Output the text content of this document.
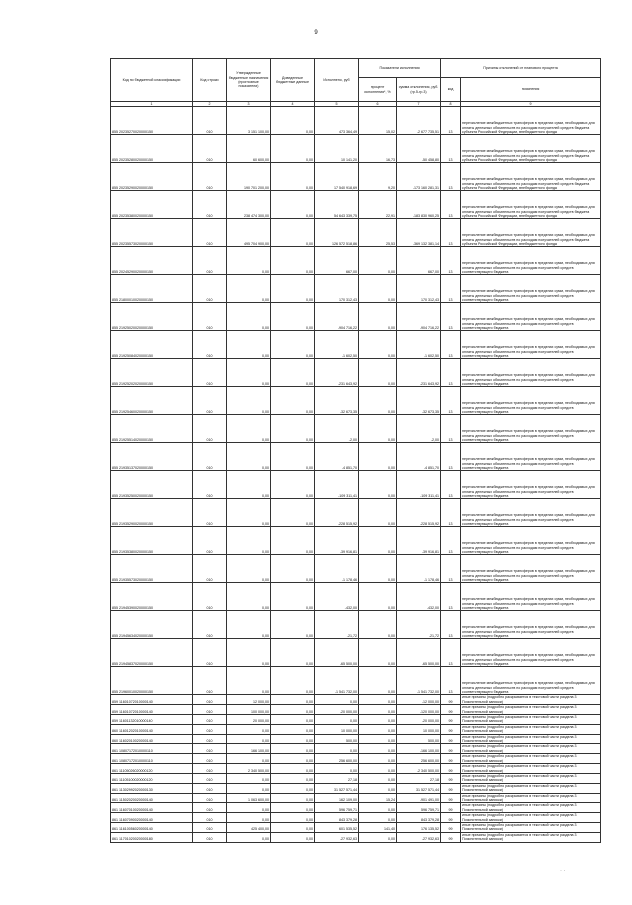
9
Код по бюджетной классификации	Код строки	Утвержденные бюджетные назначения (прогнозные показатели)	Доведенные бюджетные данные	Исполнено, руб	Показатели исполнения		Причины отклонений от планового процента	
					процент исполнения*, %	сумма отклонения, руб. (гр.5-гр.3)	код	пояснения
1	2	3	4	5	6	7	8	9
855 20235270020000150	010	3 151 100,00	0,00	473 364,49	15,02	-2 677 735,51	13	перечисление межбюджетных трансферов в пределах сумм, необходимых для оплаты денежных обязательств по расходам получателей средств бюджета субъекта Российской Федерации, внебюджетного фонда
855 20235280020000150	010	60 600,00	0,00	10 141,20	16,73	-50 458,80	13	перечисление межбюджетных трансферов в пределах сумм, необходимых для оплаты денежных обязательств по расходам получателей средств бюджета субъекта Российской Федерации, внебюджетного фонда
855 20235290020000150	010	190 701 200,00	0,00	17 540 918,69	9,20	-173 160 281,31	13	перечисление межбюджетных трансферов в пределах сумм, необходимых для оплаты денежных обязательств по расходам получателей средств бюджета субъекта Российской Федерации, внебюджетного фонда
855 20235380020000150	010	238 474 300,00	0,00	54 643 339,75	22,91	-183 830 960,25	13	перечисление межбюджетных трансферов в пределах сумм, необходимых для оплаты денежных обязательств по расходам получателей средств бюджета субъекта Российской Федерации, внебюджетного фонда
855 20235573020000150	010	495 704 900,00	0,00	126 572 518,86	25,53	-369 132 381,14	13	перечисление межбюджетных трансферов в пределах сумм, необходимых для оплаты денежных обязательств по расходам получателей средств бюджета субъекта Российской Федерации, внебюджетного фонда
855 20245290020000150	010	0,00	0,00	667,00	0,00	667,00	13	перечисление межбюджетных трансферов в пределах сумм, необходимых для оплаты денежных обязательств по расходам получателей средств соответствующего бюджета
855 21800010020000150	010	0,00	0,00	170 312,43	0,00	170 312,43	13	перечисление межбюджетных трансферов в пределах сумм, необходимых для оплаты денежных обязательств по расходам получателей средств соответствующего бюджета
855 21925020020000150	010	0,00	0,00	-904 716,22	0,00	-904 716,22	13	перечисление межбюджетных трансферов в пределах сумм, необходимых для оплаты денежных обязательств по расходам получателей средств соответствующего бюджета
855 21925084020000150	010	0,00	0,00	-1 602,50	0,00	-1 602,50	13	перечисление межбюджетных трансферов в пределах сумм, необходимых для оплаты денежных обязательств по расходам получателей средств соответствующего бюджета
855 21925202020000150	010	0,00	0,00	-231 643,92	0,00	-231 643,92	13	перечисление межбюджетных трансферов в пределах сумм, необходимых для оплаты денежных обязательств по расходам получателей средств соответствующего бюджета
855 21925460020000150	010	0,00	0,00	-32 673,35	0,00	-32 673,35	13	перечисление межбюджетных трансферов в пределах сумм, необходимых для оплаты денежных обязательств по расходам получателей средств соответствующего бюджета
855 21925514020000150	010	0,00	0,00	-2,00	0,00	-2,00	13	перечисление межбюджетных трансферов в пределах сумм, необходимых для оплаты денежных обязательств по расходам получателей средств соответствующего бюджета
855 21935137020000150	010	0,00	0,00	-4 851,70	0,00	-4 851,70	13	перечисление межбюджетных трансферов в пределах сумм, необходимых для оплаты денежных обязательств по расходам получателей средств соответствующего бюджета
855 21935250020000150	010	0,00	0,00	-109 311,41	0,00	-109 311,41	13	перечисление межбюджетных трансферов в пределах сумм, необходимых для оплаты денежных обязательств по расходам получателей средств соответствующего бюджета
855 21935290020000150	010	0,00	0,00	-228 515,92	0,00	-228 515,92	13	перечисление межбюджетных трансферов в пределах сумм, необходимых для оплаты денежных обязательств по расходам получателей средств соответствующего бюджета
855 21935380020000150	010	0,00	0,00	-39 916,81	0,00	-39 916,81	13	перечисление межбюджетных трансферов в пределах сумм, необходимых для оплаты денежных обязательств по расходам получателей средств соответствующего бюджета
855 21935573020000150	010	0,00	0,00	-1 178,46	0,00	-1 178,46	13	перечисление межбюджетных трансферов в пределах сумм, необходимых для оплаты денежных обязательств по расходам получателей средств соответствующего бюджета
855 21945390020000150	010	0,00	0,00	-432,00	0,00	-432,00	13	перечисление межбюджетных трансферов в пределах сумм, необходимых для оплаты денежных обязательств по расходам получателей средств соответствующего бюджета
855 21945634020000150	010	0,00	0,00	-21,72	0,00	-21,72	13	перечисление межбюджетных трансферов в пределах сумм, необходимых для оплаты денежных обязательств по расходам получателей средств соответствующего бюджета
855 21945837020000150	010	0,00	0,00	-65 500,00	0,00	-65 500,00	13	перечисление межбюджетных трансферов в пределах сумм, необходимых для оплаты денежных обязательств по расходам получателей средств соответствующего бюджета
855 21960010020000150	010	0,00	0,00	-1 541 732,00	0,00	-1 541 732,00	13	перечисление межбюджетных трансферов в пределах сумм, необходимых для оплаты денежных обязательств по расходам получателей средств соответствующего бюджета
859 11601072010000140	010	12 000,00	0,00	0,00	0,00	-12 000,00	99	иные причины (подробно раскрывается в текстовой части раздела 3 Пояснительной записки)
859 11601072010000140	010	100 000,00	0,00	-20 000,00	0,00	-120 000,00	99	иные причины (подробно раскрывается в текстовой части раздела 3 Пояснительной записки)
859 11601132010000140	010	20 000,00	0,00	0,00	0,00	-20 000,00	99	иные причины (подробно раскрывается в текстовой части раздела 3 Пояснительной записки)
860 11601202010000140	010	0,00	0,00	10 000,00	0,00	10 000,00	99	иные причины (подробно раскрывается в текстовой части раздела 3 Пояснительной записки)
860 11602010020000140	010	0,00	0,00	500,00	0,00	500,00	99	иные причины (подробно раскрывается в текстовой части раздела 3 Пояснительной записки)
861 10807172010000110	010	166 100,00	0,00	0,00	0,00	-166 100,00	99	иные причины (подробно раскрывается в текстовой части раздела 3 Пояснительной записки)
861 10807172010000110	010	0,00	0,00	256 600,00	0,00	256 600,00	99	иные причины (подробно раскрывается в текстовой части раздела 3 Пояснительной записки)
861 11105026020000120	010	2 340 500,00	0,00	0,00	0,00	-2 340 500,00	99	иные причины (подробно раскрывается в текстовой части раздела 3 Пояснительной записки)
861 11105100020000120	010	0,00	0,00	27,18	0,00	27,18	99	иные причины (подробно раскрывается в текстовой части раздела 3 Пояснительной записки)
861 11302992020000130	010	0,00	0,00	31 527 571,44	0,00	31 527 571,44	99	иные причины (подробно раскрывается в текстовой части раздела 3 Пояснительной записки)
861 11502020020000140	010	1 063 600,00	0,00	162 109,00	15,24	-901 491,00	99	иные причины (подробно раскрывается в текстовой части раздела 3 Пояснительной записки)
861 11607010020000140	010	0,00	0,00	596 759,71	0,00	596 759,71	99	иные причины (подробно раскрывается в текстовой части раздела 3 Пояснительной записки)
861 11607090020000140	010	0,00	0,00	843 379,28	0,00	843 379,28	99	иные причины (подробно раскрывается в текстовой части раздела 3 Пояснительной записки)
861 11610056020000140	010	425 400,00	0,00	601 535,52	141,40	176 135,52	99	иные причины (подробно раскрывается в текстовой части раздела 3 Пояснительной записки)
861 11701020020000180	010	0,00	0,00	-27 932,63	0,00	-27 932,63	99	иные причины (подробно раскрывается в текстовой части раздела 3 Пояснительной записки)
· ·
